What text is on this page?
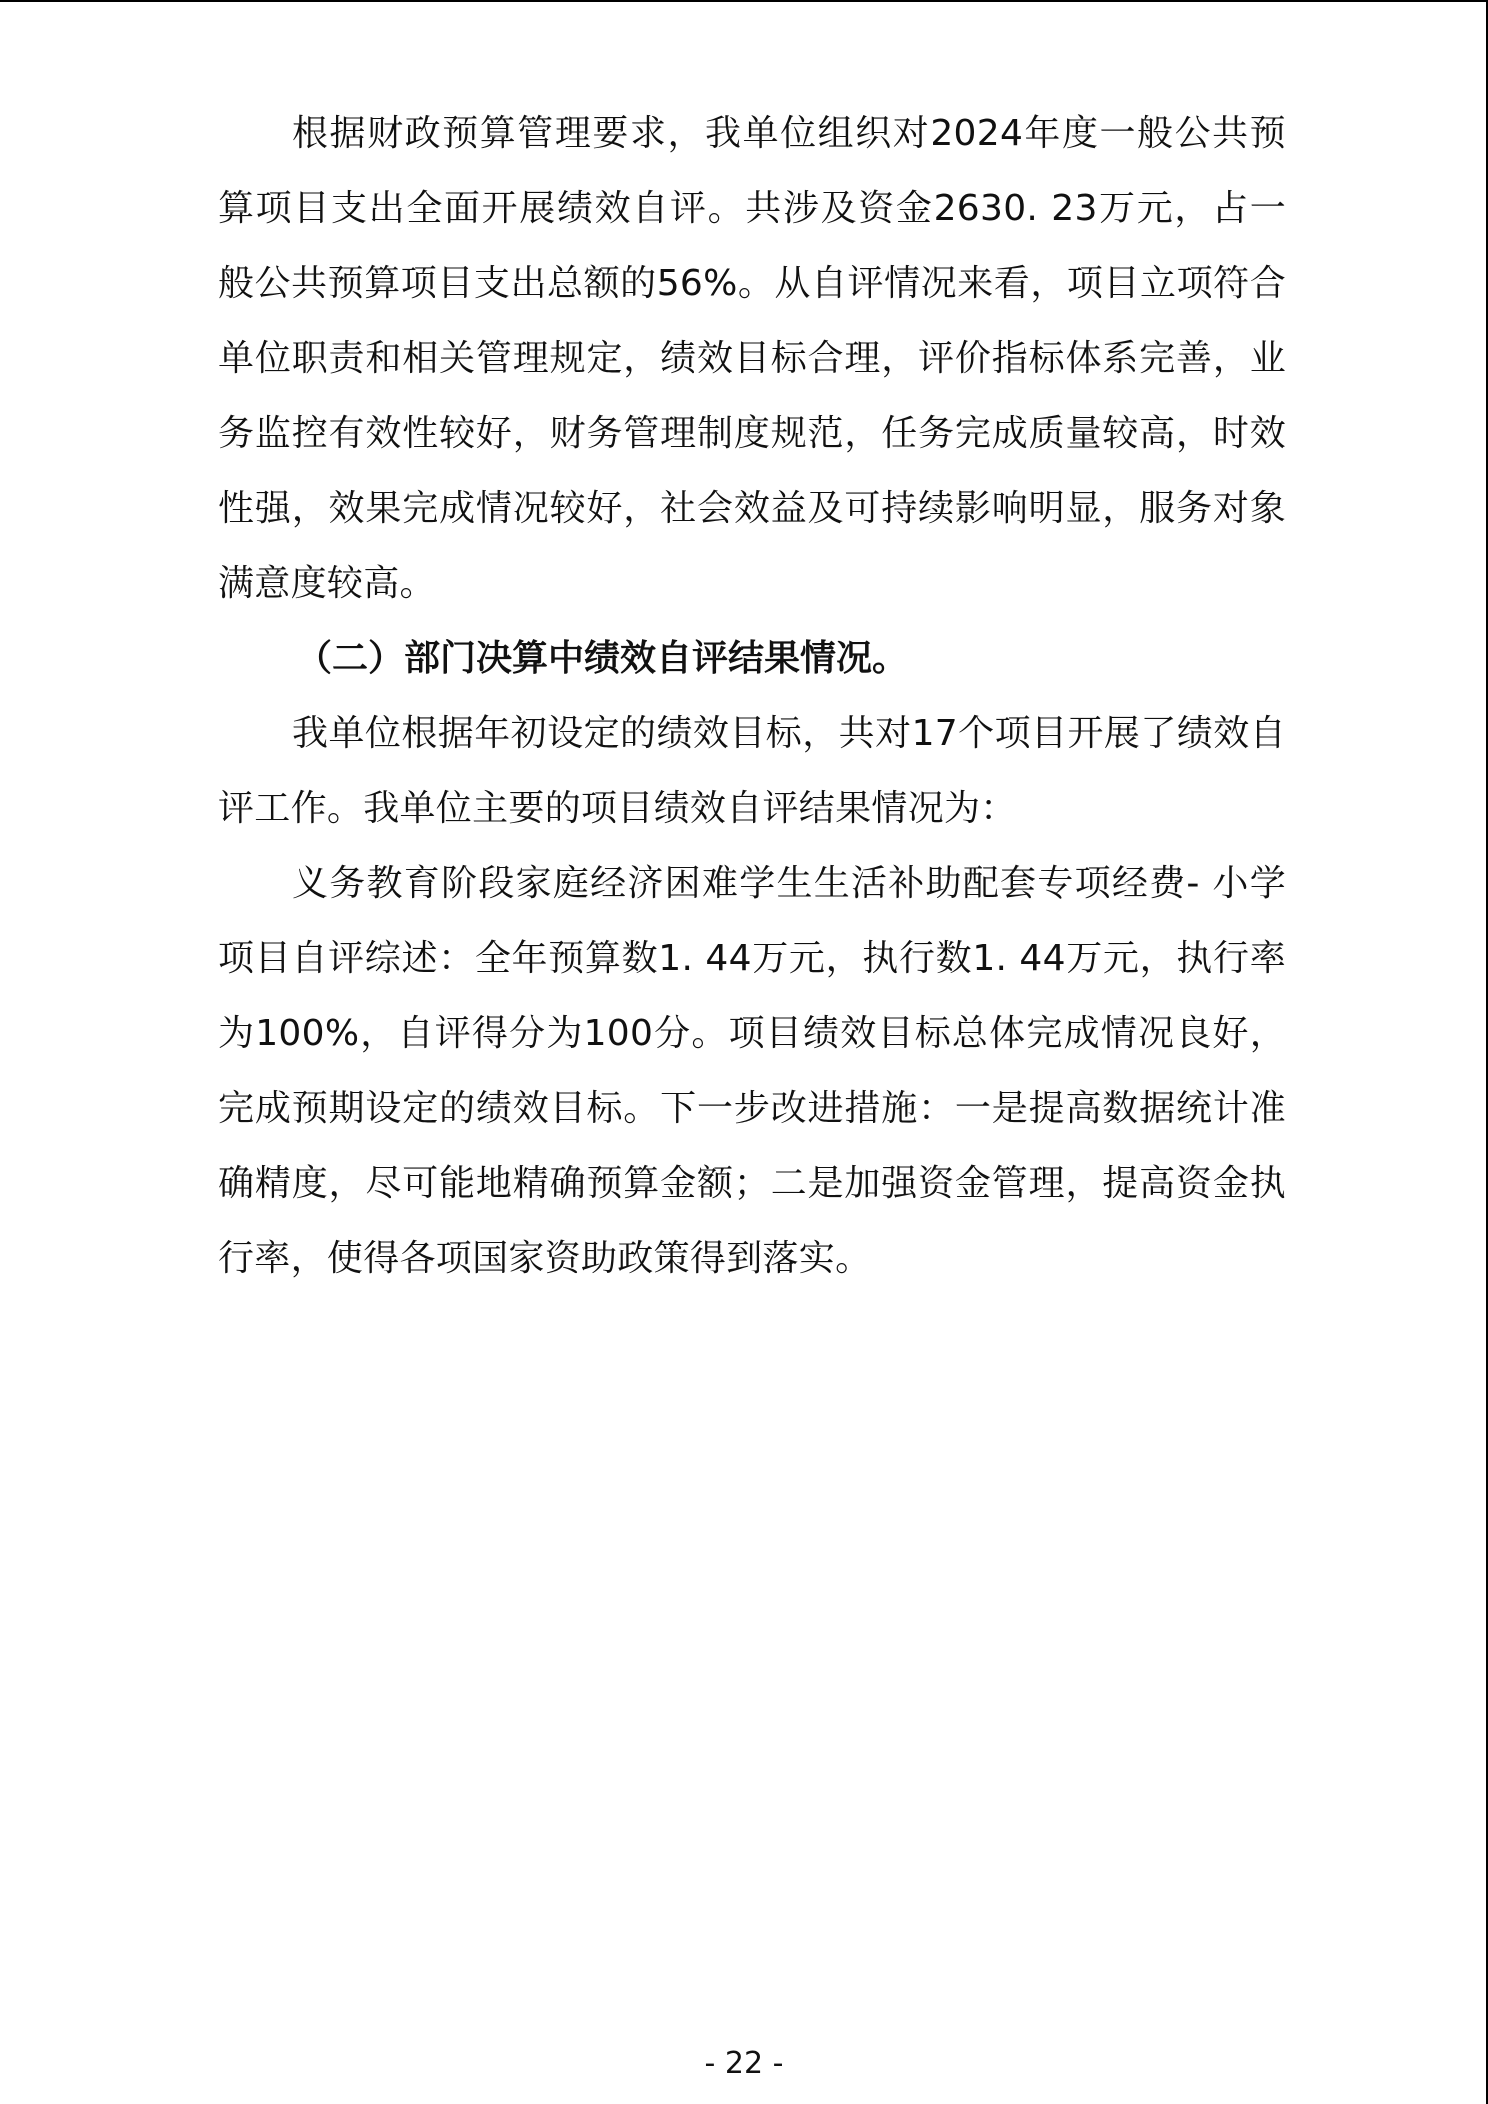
根据财政预算管理要求，我单位组织对2024年度一般公共预算项目支出全面开展绩效自评。共涉及资金2630. 23万元，占一般公共预算项目支出总额的56%。从自评情况来看，项目立项符合单位职责和相关管理规定，绩效目标合理，评价指标体系完善，业务监控有效性较好，财务管理制度规范，任务完成质量较高，时效性强，效果完成情况较好，社会效益及可持续影响明显，服务对象满意度较高。

（二）部门决算中绩效自评结果情况。

我单位根据年初设定的绩效目标，共对17个项目开展了绩效自评工作。我单位主要的项目绩效自评结果情况为：

义务教育阶段家庭经济困难学生生活补助配套专项经费- 小学项目自评综述：全年预算数1. 44万元，执行数1. 44万元，执行率为100%，自评得分为100分。项目绩效目标总体完成情况良好，完成预期设定的绩效目标。下一步改进措施：一是提高数据统计准确精度，尽可能地精确预算金额；二是加强资金管理，提高资金执行率，使得各项国家资助政策得到落实。

- 22 -
